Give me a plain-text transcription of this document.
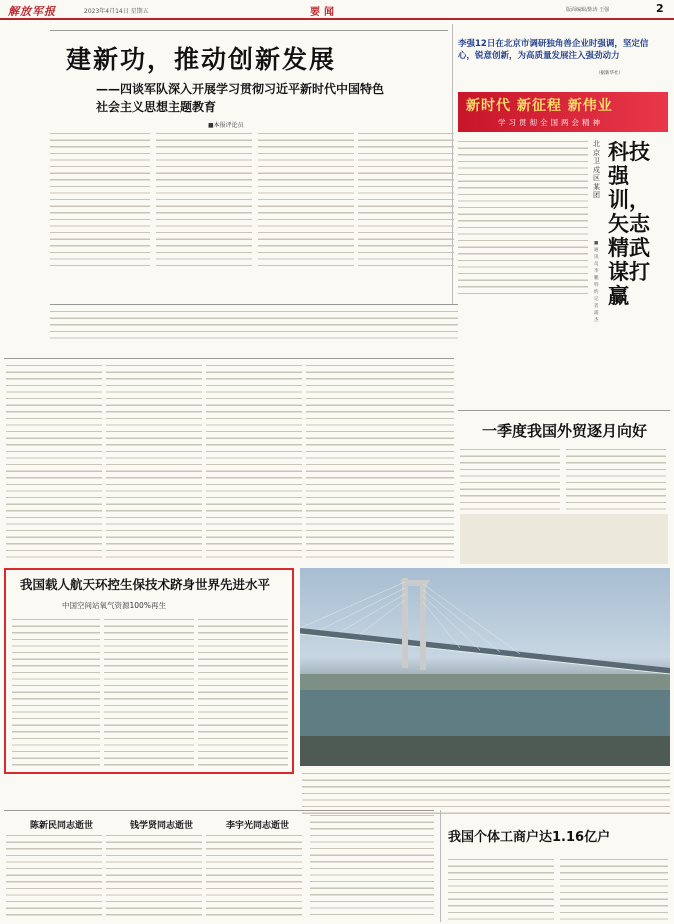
解放军报	2023年4月14日 星期五	要闻	版面编辑/陈涛 王强	2
建新功，推动创新发展
——四谈军队深入开展学习贯彻习近平新时代中国特色
社会主义思想主题教育
■本报评论员
李强12日在北京市调研独角兽企业时强调，坚定信心，锐意创新，为高质量发展注入强劲动力
（据新华社）
新时代 新征程 新伟业
学习贯彻全国两会精神
北京卫戍区某团
科技强训，矢志精武谋打赢
■通讯员 李 鹏 特约记者 浦 杰
一季度我国外贸逐月向好
我国载人航天环控生保技术跻身世界先进水平
中国空间站氧气资源100%再生
陈新民同志逝世	钱学贤同志逝世	李宇光同志逝世
我国个体工商户达1.16亿户
